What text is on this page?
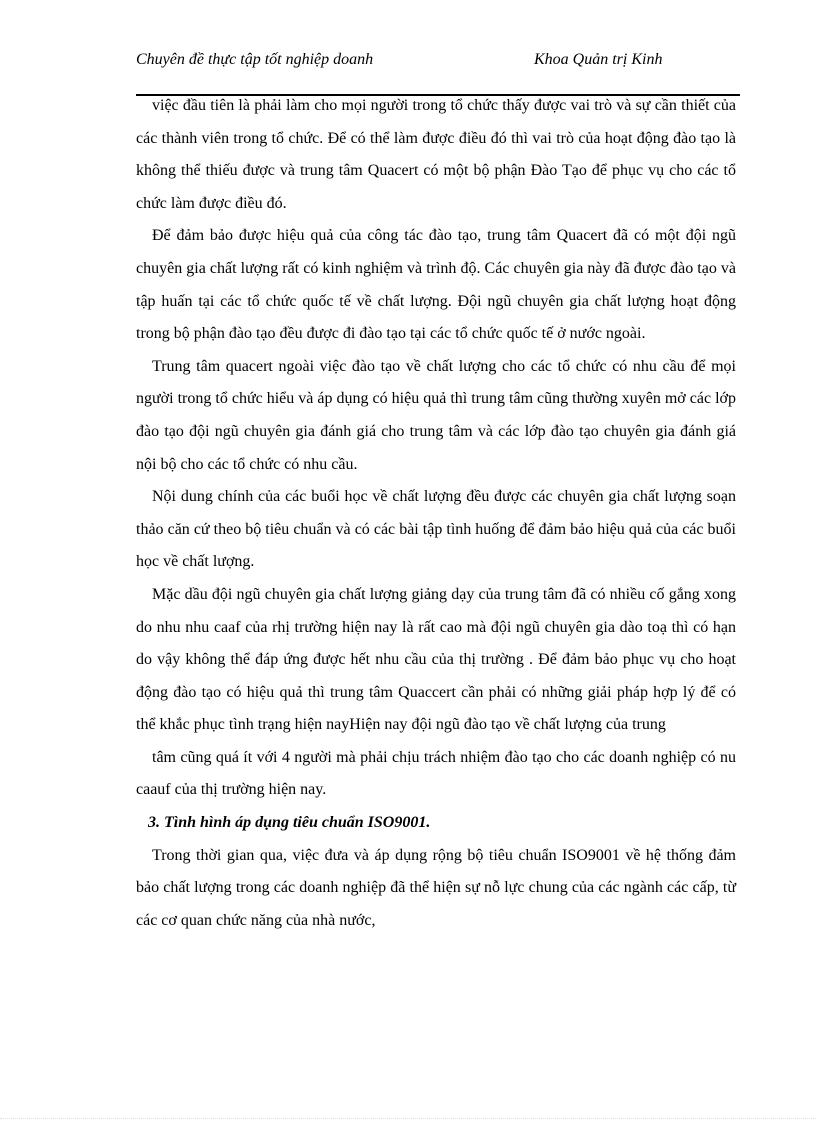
Chuyên đề thực tập tốt nghiệp doanh	Khoa Quản trị Kinh

việc đầu tiên là phải làm cho mọi người trong tổ chức thấy được vai trò và sự cần thiết của các thành viên trong tổ chức. Để có thể làm được điều đó thì vai trò của hoạt động đào tạo là không thể thiếu được và trung tâm Quacert có một bộ phận Đào Tạo để phục vụ cho các tổ chức làm được điều đó.

Để đảm bảo được hiệu quả của công tác đào tạo, trung tâm Quacert đã có một đội ngũ chuyên gia chất lượng rất có kinh nghiệm và trình độ. Các chuyên gia này đã được đào tạo và tập huấn tại các tổ chức quốc tế về chất lượng. Đội ngũ chuyên gia chất lượng hoạt động trong bộ phận đào tạo đều được đi đào tạo tại các tổ chức quốc tế ở nước ngoài.

Trung tâm quacert ngoài việc đào tạo về chất lượng cho các tổ chức có nhu cầu để mọi người trong tổ chức hiểu và áp dụng có hiệu quả thì trung tâm cũng thường xuyên mở các lớp đào tạo đội ngũ chuyên gia đánh giá cho trung tâm và các lớp đào tạo chuyên gia đánh giá nội bộ cho các tổ chức có nhu cầu.

Nội dung chính của các buổi học về chất lượng đều được các chuyên gia chất lượng soạn thảo căn cứ theo bộ tiêu chuẩn và có các bài tập tình huống để đảm bảo hiệu quả của các buổi học về chất lượng.

Mặc dầu đội ngũ chuyên gia chất lượng giảng dạy của trung tâm đã có nhiều cố gắng xong do nhu nhu caaf của rhị trường hiện nay là rất cao mà đội ngũ chuyên gia dào toạ thì có hạn do vậy không thể đáp ứng được hết nhu cầu của thị trường . Để đảm bảo phục vụ cho hoạt động đào tạo có hiệu quả thì trung tâm Quaccert cần phải có những giải pháp hợp lý để có thể khắc phục tình trạng hiện nayHiện nay đội ngũ đào tạo về chất lượng của trung

tâm cũng quá ít với 4 người mà phải chịu trách nhiệm đào tạo cho các doanh nghiệp có nu caauf của thị trường hiện nay.

3. Tình hình áp dụng tiêu chuẩn ISO9001.

Trong thời gian qua, việc đưa và áp dụng rộng bộ tiêu chuẩn ISO9001 về hệ thống đảm bảo chất lượng trong các doanh nghiệp đã thể hiện sự nỗ lực chung của các ngành các cấp, từ các cơ quan chức năng của nhà nước,
